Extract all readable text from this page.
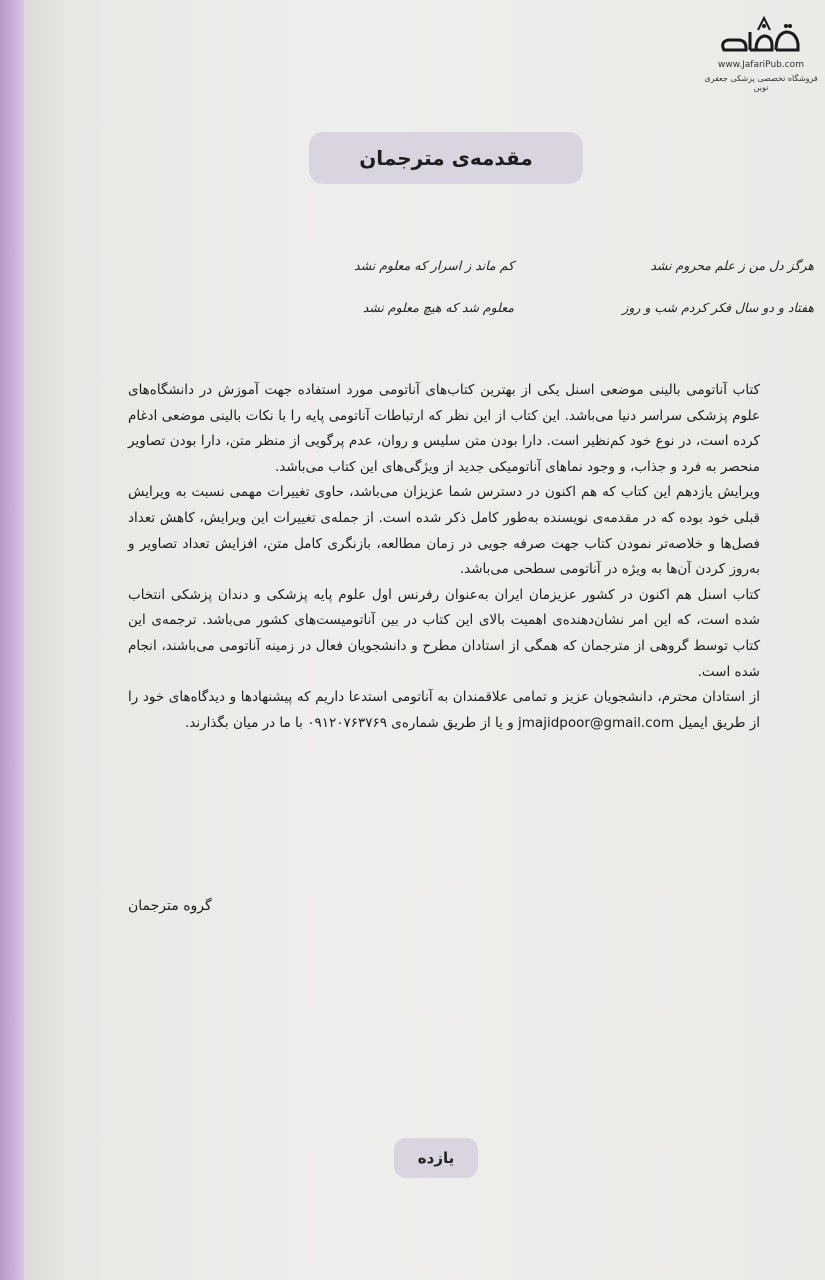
www.JafariPub.com
فروشگاه تخصصی پزشکی جعفری نوین
مقدمه‌ی مترجمان
هرگز دل من ز علم محروم نشد
کم ماند ز اسرار که معلوم نشد
هفتاد و دو سال فکر کردم شب و روز
معلوم شد که هیچ معلوم نشد

کتاب آناتومی بالینی موضعی اسنل یکی از بهترین کتاب‌های آناتومی مورد استفاده جهت آموزش در دانشگاه‌های علوم پزشکی سراسر دنیا می‌باشد. این کتاب از این نظر که ارتباطات آناتومی پایه را با نکات بالینی موضعی ادغام کرده است، در نوع خود کم‌نظیر است. دارا بودن متن سلیس و روان، عدم پرگویی از منظر متن، دارا بودن تصاویر منحصر به فرد و جذاب، و وجود نماهای آناتومیکی جدید از ویژگی‌های این کتاب می‌باشد.

ویرایش یازدهم این کتاب که هم اکنون در دسترس شما عزیزان می‌باشد، حاوی تغییرات مهمی نسبت به ویرایش قبلی خود بوده که در مقدمه‌ی نویسنده به‌طور کامل ذکر شده است. از جمله‌ی تغییرات این ویرایش، کاهش تعداد فصل‌ها و خلاصه‌تر نمودن کتاب جهت صرفه جویی در زمان مطالعه، بازنگری کامل متن، افزایش تعداد تصاویر و به‌روز کردن آن‌ها به ویژه در آناتومی سطحی می‌باشد.

کتاب اسنل هم اکنون در کشور عزیزمان ایران به‌عنوان رفرنس اول علوم پایه پزشکی و دندان پزشکی انتخاب شده است، که این امر نشان‌دهنده‌ی اهمیت بالای این کتاب در بین آناتومیست‌های کشور می‌باشد. ترجمه‌ی این کتاب توسط گروهی از مترجمان که همگی از استادان مطرح و دانشجویان فعال در زمینه آناتومی می‌باشند، انجام شده است.

از استادان محترم، دانشجویان عزیز و تمامی علاقمندان به آناتومی استدعا داریم که پیشنهادها و دیدگاه‌های خود را از طریق ایمیل jmajidpoor@gmail.com و یا از طریق شماره‌ی ۰۹۱۲۰۷۶۳۷۶۹ با ما در میان بگذارند.

گروه مترجمان
یازده
